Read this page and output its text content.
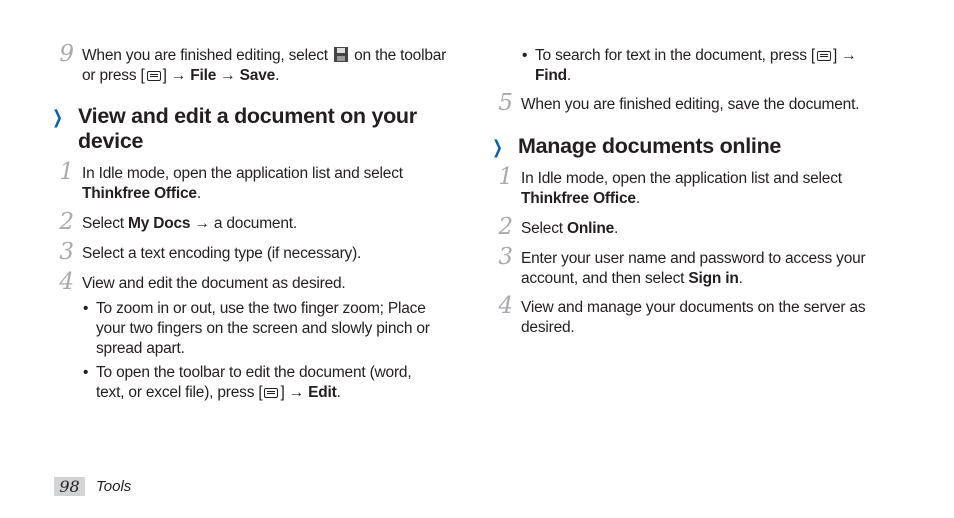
9 When you are finished editing, select  on the toolbar
or press [ ] → File → Save.
❯ View and edit a document on your
device
1 In Idle mode, open the application list and select
Thinkfree Office.
2 Select My Docs → a document.
3 Select a text encoding type (if necessary).
4 View and edit the document as desired.
• To zoom in or out, use the two finger zoom; Place
your two fingers on the screen and slowly pinch or
spread apart.
• To open the toolbar to edit the document (word,
text, or excel file), press [ ] → Edit.
• To search for text in the document, press [ ] →
Find.
5 When you are finished editing, save the document.
❯ Manage documents online
1 In Idle mode, open the application list and select
Thinkfree Office.
2 Select Online.
3 Enter your user name and password to access your
account, and then select Sign in.
4 View and manage your documents on the server as
desired.
98	Tools
